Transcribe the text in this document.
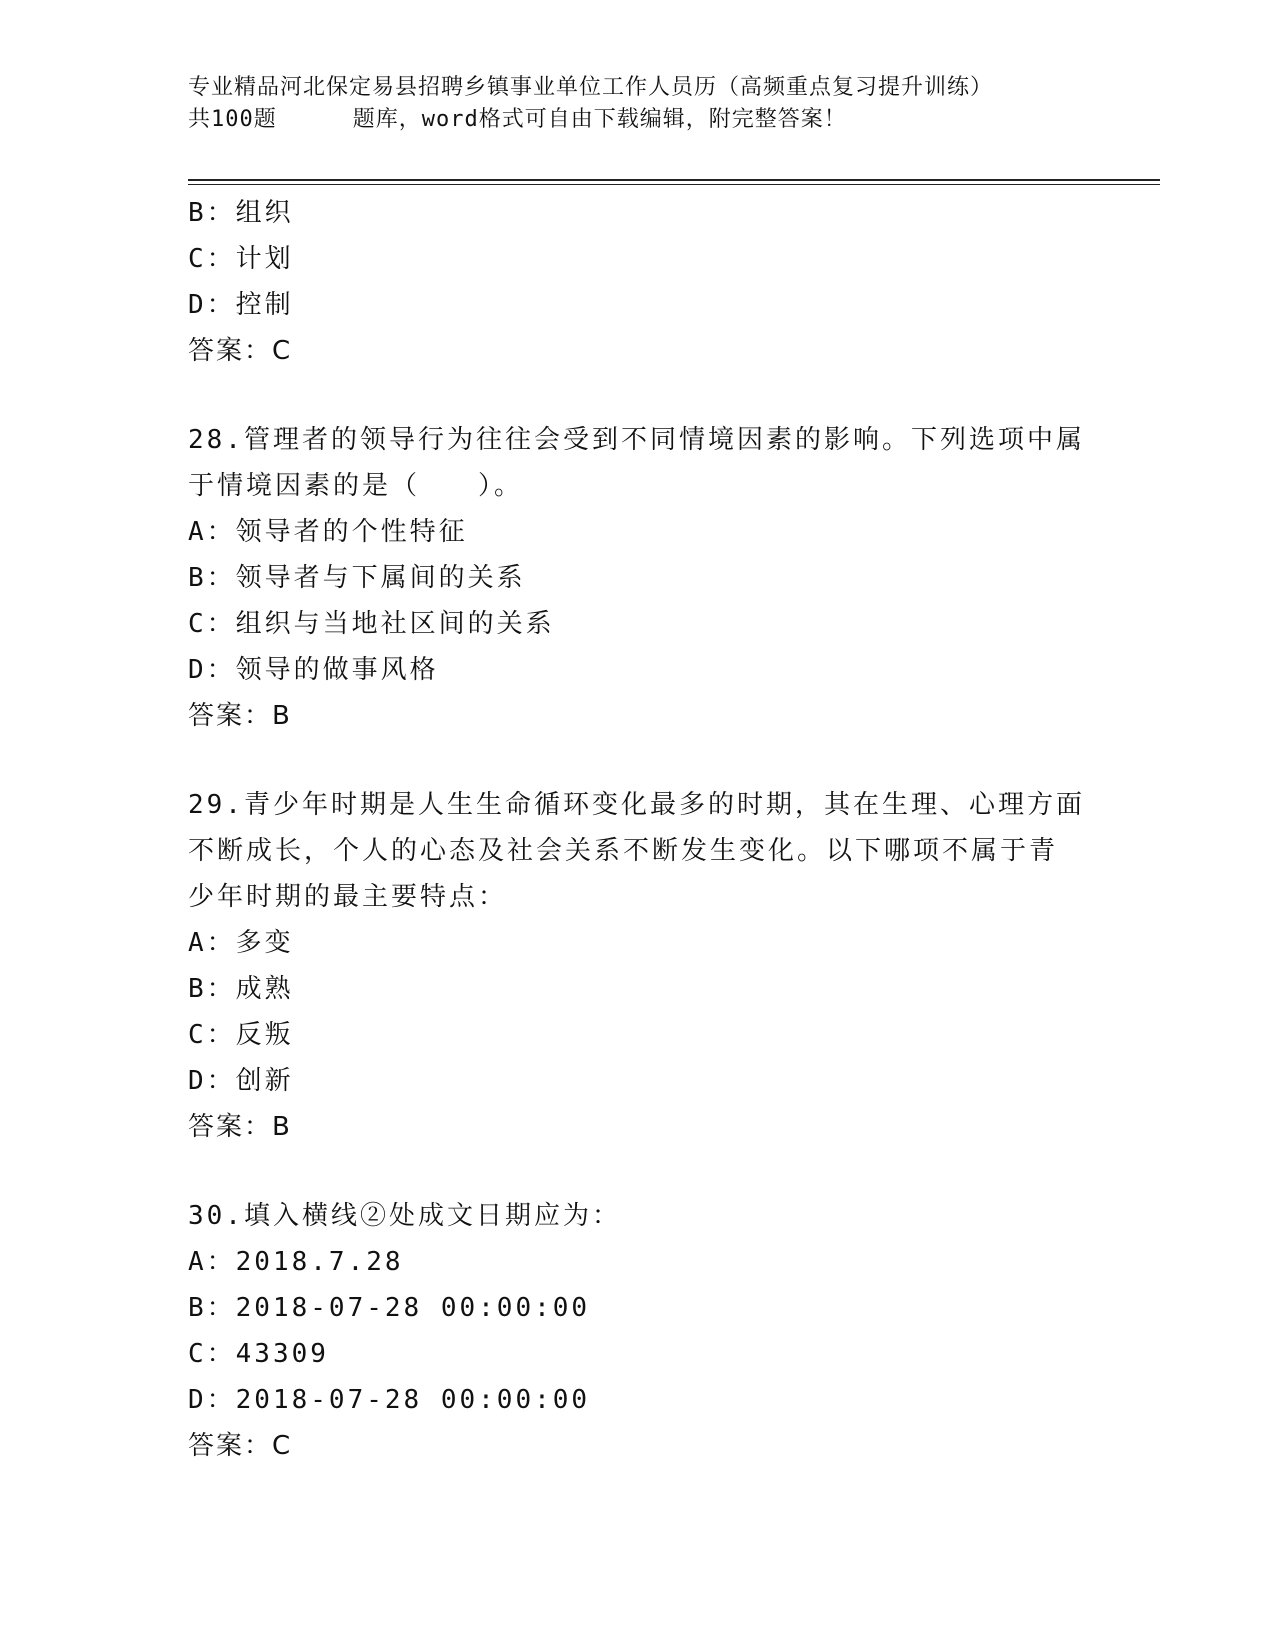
专业精品河北保定易县招聘乡镇事业单位工作人员历（高频重点复习提升训练）
共100题	题库，word格式可自由下载编辑，附完整答案！
B：组织
C：计划
D：控制
答案：C
28.管理者的领导行为往往会受到不同情境因素的影响。下列选项中属
于情境因素的是（　　）。
A：领导者的个性特征
B：领导者与下属间的关系
C：组织与当地社区间的关系
D：领导的做事风格
答案：B
29.青少年时期是人生生命循环变化最多的时期，其在生理、心理方面
不断成长，个人的心态及社会关系不断发生变化。以下哪项不属于青
少年时期的最主要特点：
A：多变
B：成熟
C：反叛
D：创新
答案：B
30.填入横线②处成文日期应为：
A：2018.7.28
B：2018-07-28 00:00:00
C：43309
D：2018-07-28 00:00:00
答案：C
